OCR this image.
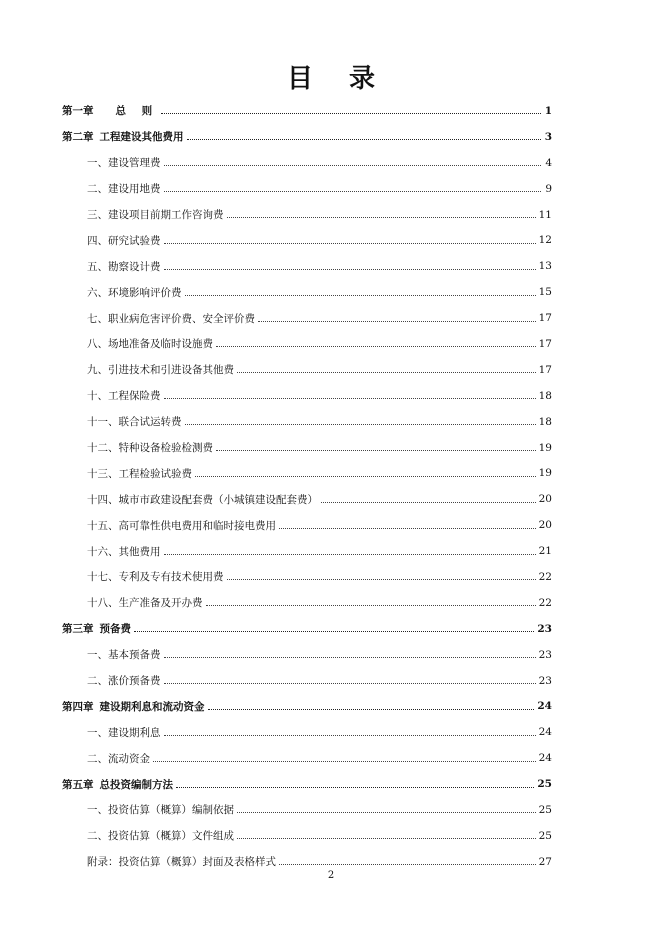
目录
第一章 总 则	1
第二章 工程建设其他费用	3
一、建设管理费	4
二、建设用地费	9
三、建设项目前期工作咨询费	11
四、研究试验费	12
五、勘察设计费	13
六、环境影响评价费	15
七、职业病危害评价费、安全评价费	17
八、场地准备及临时设施费	17
九、引进技术和引进设备其他费	17
十、工程保险费	18
十一、联合试运转费	18
十二、特种设备检验检测费	19
十三、工程检验试验费	19
十四、城市市政建设配套费（小城镇建设配套费）	20
十五、高可靠性供电费用和临时接电费用	20
十六、其他费用	21
十七、专利及专有技术使用费	22
十八、生产准备及开办费	22
第三章 预备费	23
一、基本预备费	23
二、涨价预备费	23
第四章 建设期利息和流动资金	24
一、建设期利息	24
二、流动资金	24
第五章 总投资编制方法	25
一、投资估算（概算）编制依据	25
二、投资估算（概算）文件组成	25
附录：投资估算（概算）封面及表格样式	27
2
